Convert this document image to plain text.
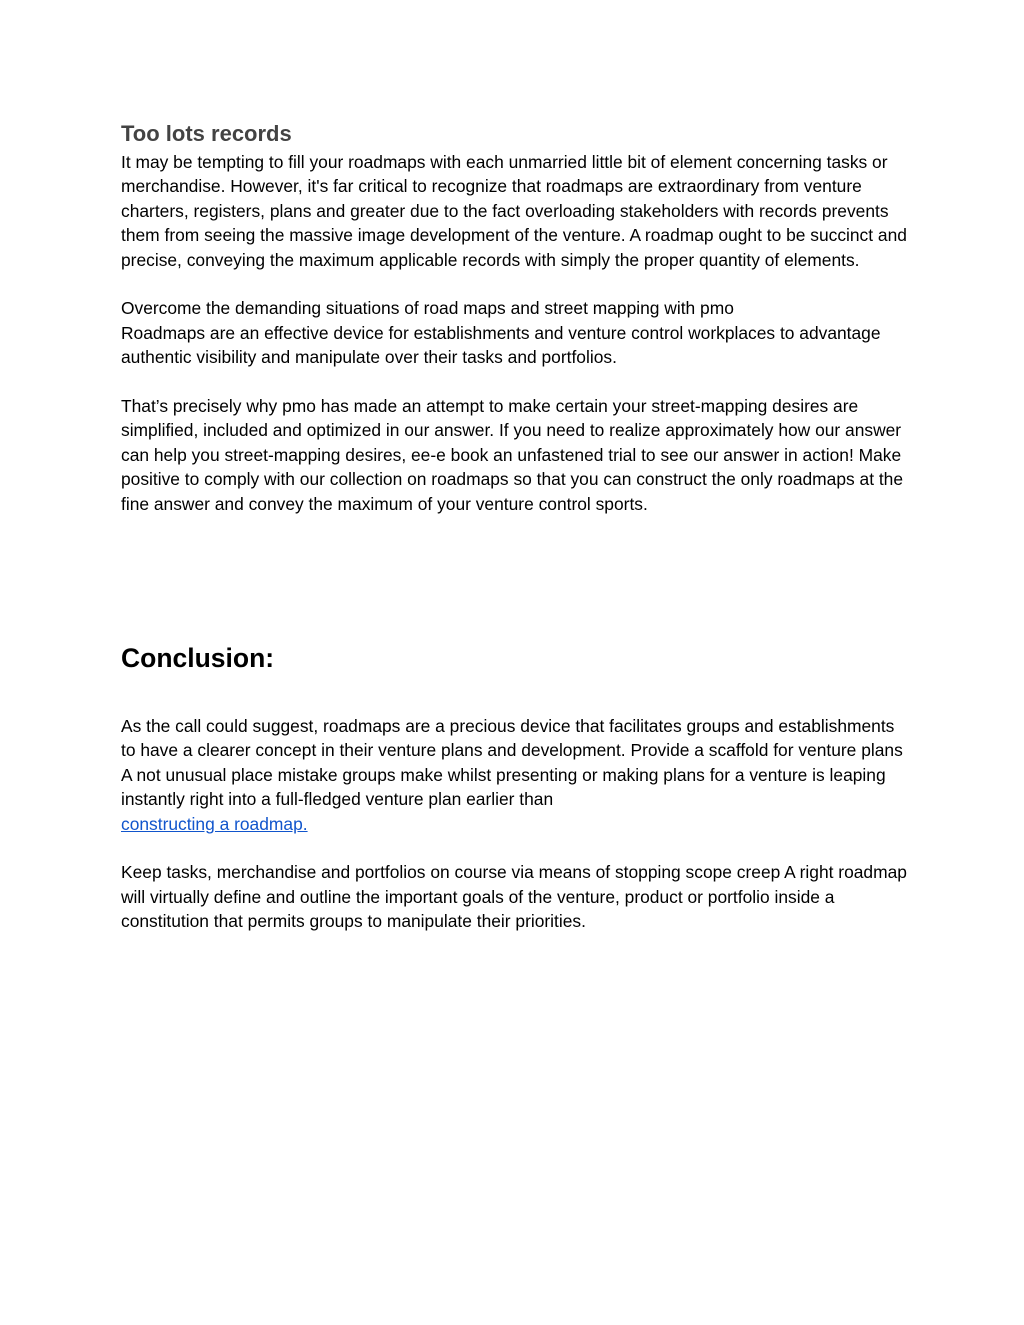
Too lots records

It may be tempting to fill your roadmaps with each unmarried little bit of element concerning tasks or merchandise. However, it's far critical to recognize that roadmaps are extraordinary from venture charters, registers, plans and greater due to the fact overloading stakeholders with records prevents them from seeing the massive image development of the venture. A roadmap ought to be succinct and precise, conveying the maximum applicable records with simply the proper quantity of elements.

Overcome the demanding situations of road maps and street mapping with pmo
Roadmaps are an effective device for establishments and venture control workplaces to advantage authentic visibility and manipulate over their tasks and portfolios.

That’s precisely why pmo has made an attempt to make certain your street-mapping desires are simplified, included and optimized in our answer. If you need to realize approximately how our answer can help you street-mapping desires, ee-e book an unfastened trial to see our answer in action! Make positive to comply with our collection on roadmaps so that you can construct the only roadmaps at the fine answer and convey the maximum of your venture control sports.

Conclusion:

As the call could suggest, roadmaps are a precious device that facilitates groups and establishments to have a clearer concept in their venture plans and development. Provide a scaffold for venture plans A not unusual place mistake groups make whilst presenting or making plans for a venture is leaping instantly right into a full-fledged venture plan earlier than
constructing a roadmap.

Keep tasks, merchandise and portfolios on course via means of stopping scope creep A right roadmap will virtually define and outline the important goals of the venture, product or portfolio inside a constitution that permits groups to manipulate their priorities.
